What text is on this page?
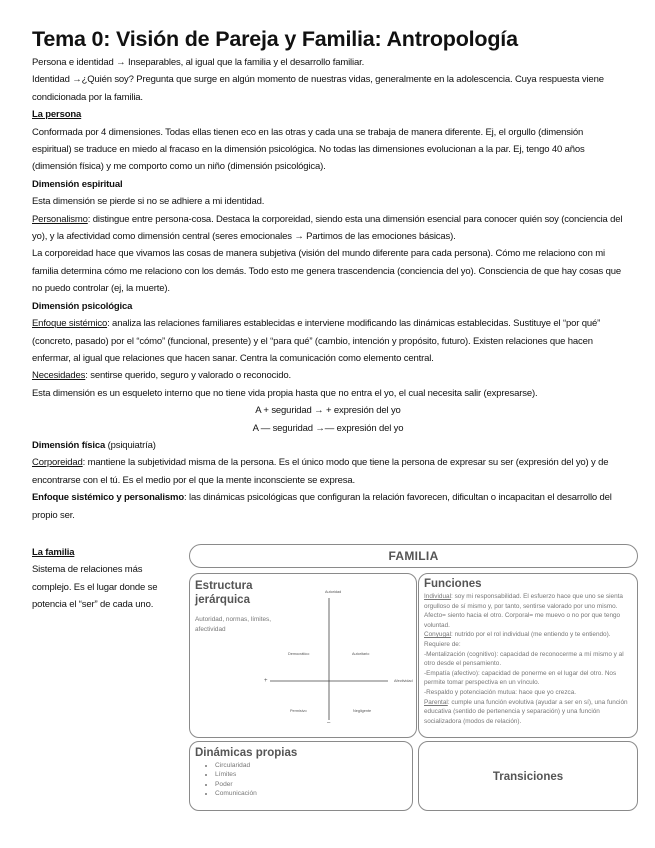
Tema 0: Visión de Pareja y Familia: Antropología

Persona e identidad → Inseparables, al igual que la familia y el desarrollo familiar.

Identidad →¿Quién soy? Pregunta que surge en algún momento de nuestras vidas, generalmente en la adolescencia. Cuya respuesta viene condicionada por la familia.

La persona

Conformada por 4 dimensiones. Todas ellas tienen eco en las otras y cada una se trabaja de manera diferente. Ej, el orgullo (dimensión espiritual) se traduce en miedo al fracaso en la dimensión psicológica. No todas las dimensiones evolucionan a la par. Ej, tengo 40 años (dimensión física) y me comporto como un niño (dimensión psicológica).

Dimensión espiritual

Esta dimensión se pierde si no se adhiere a mi identidad.

Personalismo: distingue entre persona-cosa. Destaca la corporeidad, siendo esta una dimensión esencial para conocer quién soy (conciencia del yo), y la afectividad como dimensión central (seres emocionales → Partimos de las emociones básicas).

La corporeidad hace que vivamos las cosas de manera subjetiva (visión del mundo diferente para cada persona). Cómo me relaciono con mi familia determina cómo me relaciono con los demás. Todo esto me genera trascendencia (conciencia del yo). Consciencia de que hay cosas que no puedo controlar (ej, la muerte).

Dimensión psicológica

Enfoque sistémico: analiza las relaciones familiares establecidas e interviene modificando las dinámicas establecidas. Sustituye el “por qué” (concreto, pasado) por el “cómo” (funcional, presente) y el “para qué” (cambio, intención y propósito, futuro). Existen relaciones que hacen enfermar, al igual que relaciones que hacen sanar. Centra la comunicación como elemento central.

Necesidades: sentirse querido, seguro y valorado o reconocido.

Esta dimensión es un esqueleto interno que no tiene vida propia hasta que no entra el yo, el cual necesita salir (expresarse).

A + seguridad → + expresión del yo

A — seguridad →— expresión del yo

Dimensión física (psiquiatría)

Corporeidad: mantiene la subjetividad misma de la persona. Es el único modo que tiene la persona de expresar su ser (expresión del yo) y de encontrarse con el tú. Es el medio por el que la mente inconsciente se expresa.

Enfoque sistémico y personalismo: las dinámicas psicológicas que configuran la relación favorecen, dificultan o incapacitan el desarrollo del propio ser.

La familia

Sistema de relaciones más complejo. Es el lugar donde se potencia el “ser” de cada uno.

FAMILIA
Estructura jerárquica
Autoridad, normas, límites, afectividad
Autoridad
Afectividad
+
–
Democrático	Autoritario
Permisivo	Negligente
Funciones
Individual: soy mi responsabilidad. El esfuerzo hace que uno se sienta orgulloso de sí mismo y, por tanto, sentirse valorado por uno mismo. Afecto= siento hacia el otro. Corporal= me muevo o no por que tengo voluntad.
Conyugal: nutrido por el rol individual (me entiendo y te entiendo). Requiere de:
-Mentalización (cognitivo): capacidad de reconocerme a mí mismo y al otro desde el pensamiento.
-Empatía (afectivo): capacidad de ponerme en el lugar del otro. Nos permite tomar perspectiva en un vínculo.
-Respaldo y potenciación mutua: hace que yo crezca.
Parental: cumple una función evolutiva (ayudar a ser en sí), una función educativa (sentido de pertenencia y separación) y una función socializadora (modos de relación).
Dinámicas propias
• Circularidad
• Límites
• Poder
• Comunicación
Transiciones
